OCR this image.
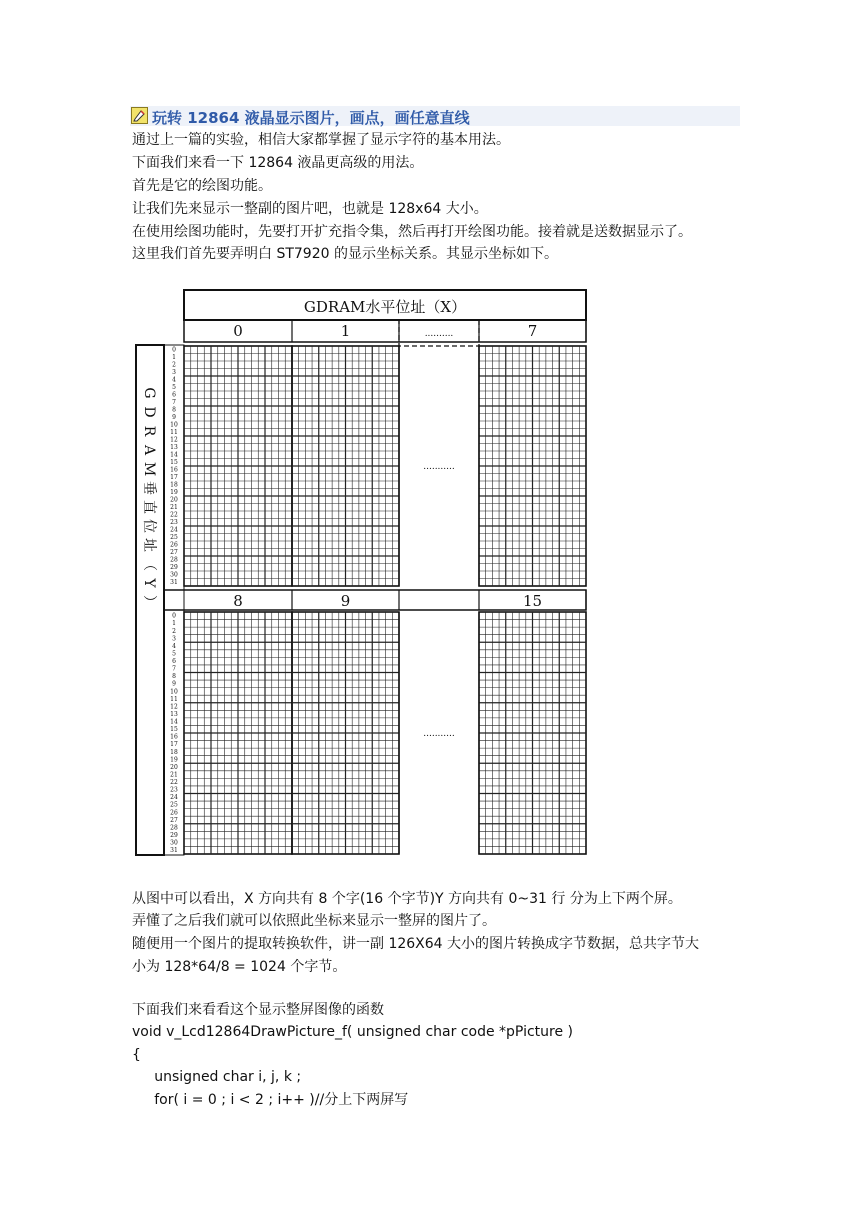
玩转 12864 液晶显示图片，画点，画任意直线
通过上一篇的实验，相信大家都掌握了显示字符的基本用法。
下面我们来看一下 12864 液晶更高级的用法。
首先是它的绘图功能。
让我们先来显示一整副的图片吧，也就是 128x64 大小。
在使用绘图功能时，先要打开扩充指令集，然后再打开绘图功能。接着就是送数据显示了。
这里我们首先要弄明白 ST7920 的显示坐标关系。其显示坐标如下。
GDRAM水平位址（X）
0	1	..........	7
8	9	15
...........
...........
0
1
2
3
4
5
6
7
8
9
10
11
12
13
14
15
16
17
18
19
20
21
22
23
24
25
26
27
28
29
30
31
0
1
2
3
4
5
6
7
8
9
10
11
12
13
14
15
16
17
18
19
20
21
22
23
24
25
26
27
28
29
30
31
G
D
R
A
M
垂
直
位
址
（
Y
）
从图中可以看出，X 方向共有 8 个字(16 个字节)Y 方向共有 0~31 行 分为上下两个屏。
弄懂了之后我们就可以依照此坐标来显示一整屏的图片了。
随便用一个图片的提取转换软件，讲一副 126X64 大小的图片转换成字节数据，总共字节大
小为 128*64/8 = 1024 个字节。
下面我们来看看这个显示整屏图像的函数
void v_Lcd12864DrawPicture_f( unsigned char code *pPicture )
{
unsigned char i, j, k ;
for( i = 0 ; i < 2 ; i++ )//分上下两屏写
